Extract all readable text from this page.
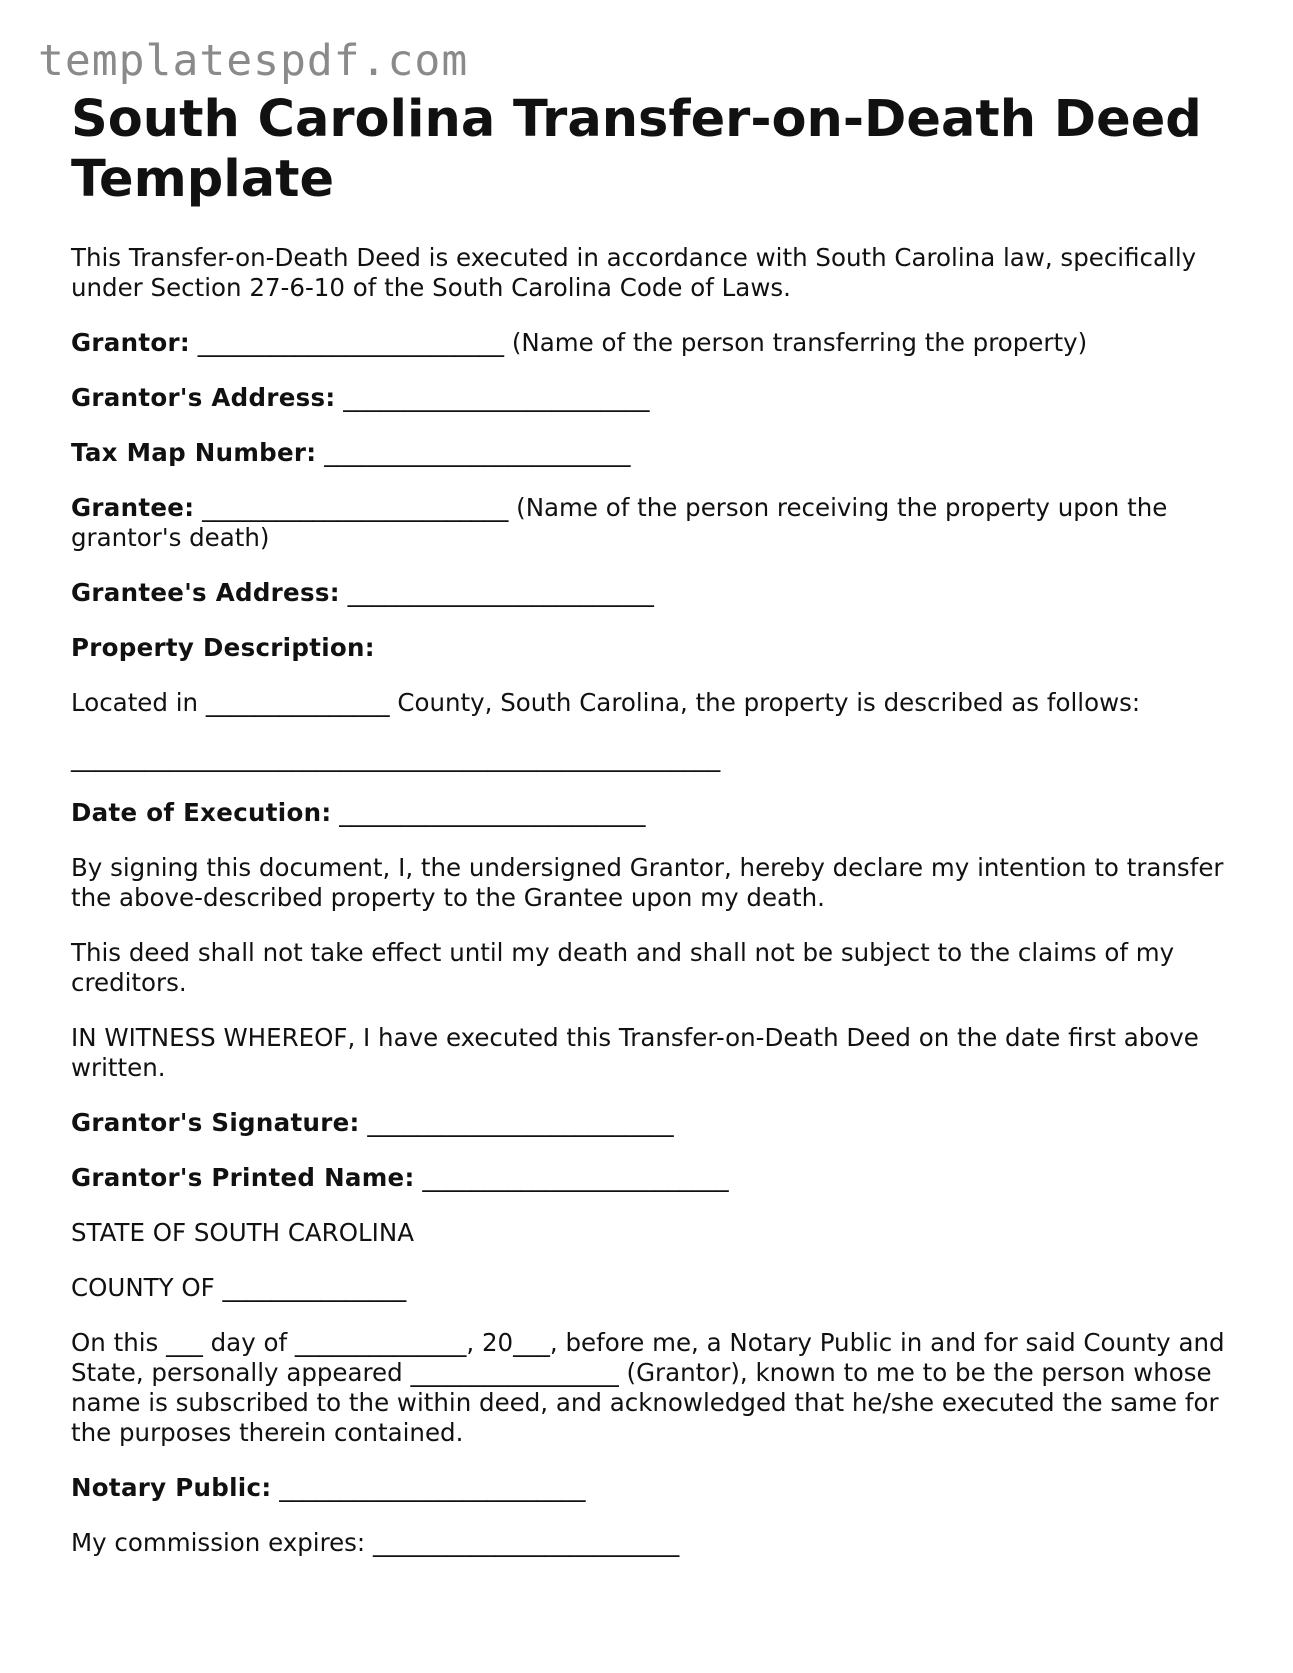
templatespdf.com
South Carolina Transfer-on-Death Deed Template

This Transfer-on-Death Deed is executed in accordance with South Carolina law, specifically under Section 27-6-10 of the South Carolina Code of Laws.

Grantor: _________________________ (Name of the person transferring the property)

Grantor's Address: _________________________

Tax Map Number: _________________________

Grantee: _________________________ (Name of the person receiving the property upon the grantor's death)

Grantee's Address: _________________________

Property Description:

Located in _______________ County, South Carolina, the property is described as follows:

_____________________________________________________

Date of Execution: _________________________

By signing this document, I, the undersigned Grantor, hereby declare my intention to transfer the above-described property to the Grantee upon my death.

This deed shall not take effect until my death and shall not be subject to the claims of my creditors.

IN WITNESS WHEREOF, I have executed this Transfer-on-Death Deed on the date first above written.

Grantor's Signature: _________________________

Grantor's Printed Name: _________________________

STATE OF SOUTH CAROLINA

COUNTY OF _______________

On this ___ day of ______________, 20___, before me, a Notary Public in and for said County and State, personally appeared _________________ (Grantor), known to me to be the person whose name is subscribed to the within deed, and acknowledged that he/she executed the same for the purposes therein contained.

Notary Public: _________________________

My commission expires: _________________________
